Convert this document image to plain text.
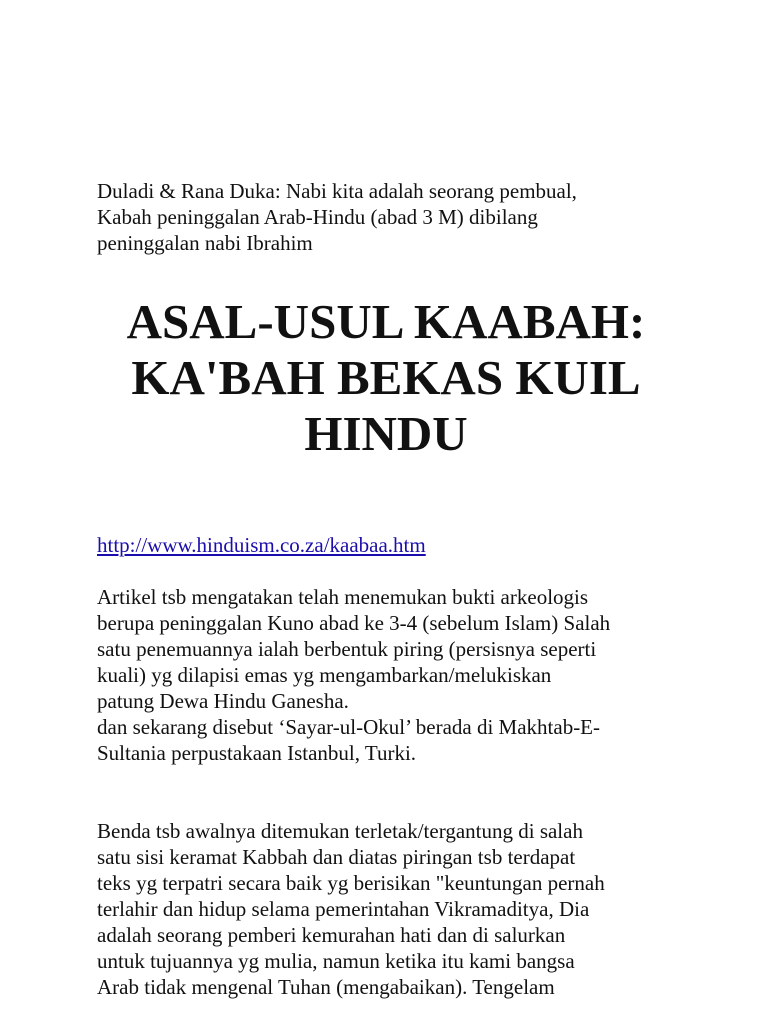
Duladi & Rana Duka: Nabi kita adalah seorang pembual,
Kabah peninggalan Arab-Hindu (abad 3 M) dibilang
peninggalan nabi Ibrahim
ASAL-USUL KAABAH:
KA'BAH BEKAS KUIL
HINDU
http://www.hinduism.co.za/kaabaa.htm
Artikel tsb mengatakan telah menemukan bukti arkeologis
berupa peninggalan Kuno abad ke 3-4 (sebelum Islam) Salah
satu penemuannya ialah berbentuk piring (persisnya seperti
kuali) yg dilapisi emas yg mengambarkan/melukiskan
patung Dewa Hindu Ganesha.
dan sekarang disebut ‘Sayar-ul-Okul’ berada di Makhtab-E-
Sultania perpustakaan Istanbul, Turki.
Benda tsb awalnya ditemukan terletak/tergantung di salah
satu sisi keramat Kabbah dan diatas piringan tsb terdapat
teks yg terpatri secara baik yg berisikan "keuntungan pernah
terlahir dan hidup selama pemerintahan Vikramaditya, Dia
adalah seorang pemberi kemurahan hati dan di salurkan
untuk tujuannya yg mulia, namun ketika itu kami bangsa
Arab tidak mengenal Tuhan (mengabaikan). Tengelam
